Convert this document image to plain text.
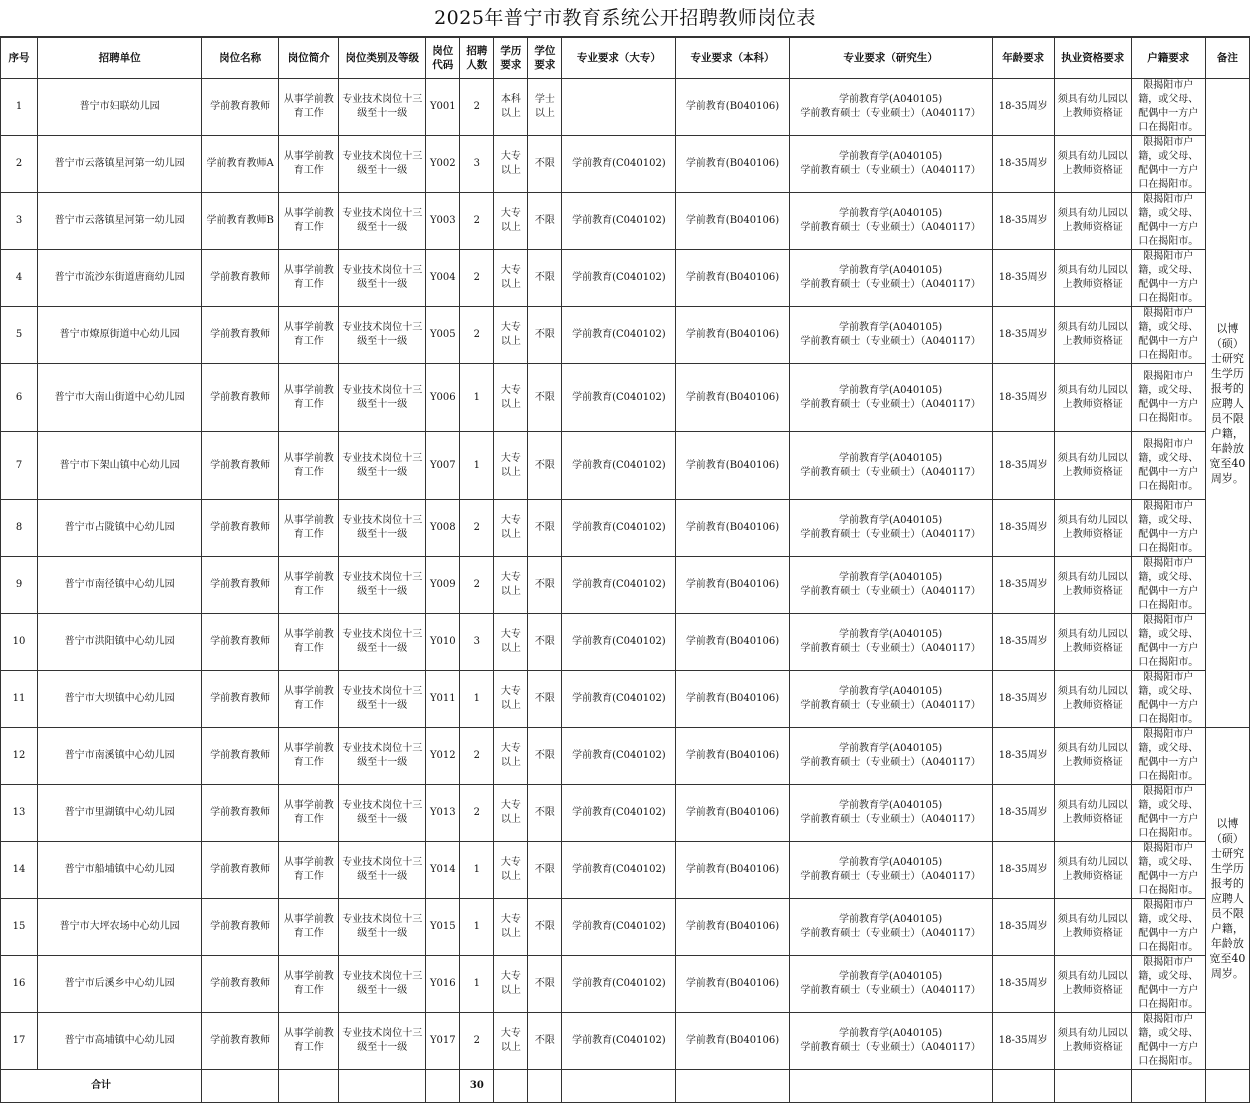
2025年普宁市教育系统公开招聘教师岗位表
序号	招聘单位	岗位名称	岗位简介	岗位类别及等级	岗位代码	招聘人数	学历要求	学位要求	专业要求（大专）	专业要求（本科）	专业要求（研究生）	年龄要求	执业资格要求	户籍要求	备注
1	普宁市妇联幼儿园	学前教育教师	从事学前教育工作	专业技术岗位十三级至十一级	Y001	2	本科以上	学士以上		学前教育(B040106)	学前教育学(A040105)
学前教育硕士（专业硕士）（A040117）	18-35周岁	须具有幼儿园以上教师资格证	限揭阳市户籍，或父母、配偶中一方户口在揭阳市。	以博（硕）士研究生学历报考的应聘人员不限户籍，年龄放宽至40周岁。
2	普宁市云落镇星河第一幼儿园	学前教育教师A	从事学前教育工作	专业技术岗位十三级至十一级	Y002	3	大专以上	不限	学前教育(C040102)	学前教育(B040106)	学前教育学(A040105)
学前教育硕士（专业硕士）（A040117）	18-35周岁	须具有幼儿园以上教师资格证	限揭阳市户籍，或父母、配偶中一方户口在揭阳市。	
3	普宁市云落镇星河第一幼儿园	学前教育教师B	从事学前教育工作	专业技术岗位十三级至十一级	Y003	2	大专以上	不限	学前教育(C040102)	学前教育(B040106)	学前教育学(A040105)
学前教育硕士（专业硕士）（A040117）	18-35周岁	须具有幼儿园以上教师资格证	限揭阳市户籍，或父母、配偶中一方户口在揭阳市。	
4	普宁市流沙东街道唐商幼儿园	学前教育教师	从事学前教育工作	专业技术岗位十三级至十一级	Y004	2	大专以上	不限	学前教育(C040102)	学前教育(B040106)	学前教育学(A040105)
学前教育硕士（专业硕士）（A040117）	18-35周岁	须具有幼儿园以上教师资格证	限揭阳市户籍，或父母、配偶中一方户口在揭阳市。	
5	普宁市燎原街道中心幼儿园	学前教育教师	从事学前教育工作	专业技术岗位十三级至十一级	Y005	2	大专以上	不限	学前教育(C040102)	学前教育(B040106)	学前教育学(A040105)
学前教育硕士（专业硕士）（A040117）	18-35周岁	须具有幼儿园以上教师资格证	限揭阳市户籍，或父母、配偶中一方户口在揭阳市。	
6	普宁市大南山街道中心幼儿园	学前教育教师	从事学前教育工作	专业技术岗位十三级至十一级	Y006	1	大专以上	不限	学前教育(C040102)	学前教育(B040106)	学前教育学(A040105)
学前教育硕士（专业硕士）（A040117）	18-35周岁	须具有幼儿园以上教师资格证	限揭阳市户籍，或父母、配偶中一方户口在揭阳市。	
7	普宁市下架山镇中心幼儿园	学前教育教师	从事学前教育工作	专业技术岗位十三级至十一级	Y007	1	大专以上	不限	学前教育(C040102)	学前教育(B040106)	学前教育学(A040105)
学前教育硕士（专业硕士）（A040117）	18-35周岁	须具有幼儿园以上教师资格证	限揭阳市户籍，或父母、配偶中一方户口在揭阳市。	
8	普宁市占陇镇中心幼儿园	学前教育教师	从事学前教育工作	专业技术岗位十三级至十一级	Y008	2	大专以上	不限	学前教育(C040102)	学前教育(B040106)	学前教育学(A040105)
学前教育硕士（专业硕士）（A040117）	18-35周岁	须具有幼儿园以上教师资格证	限揭阳市户籍，或父母、配偶中一方户口在揭阳市。	
9	普宁市南径镇中心幼儿园	学前教育教师	从事学前教育工作	专业技术岗位十三级至十一级	Y009	2	大专以上	不限	学前教育(C040102)	学前教育(B040106)	学前教育学(A040105)
学前教育硕士（专业硕士）（A040117）	18-35周岁	须具有幼儿园以上教师资格证	限揭阳市户籍，或父母、配偶中一方户口在揭阳市。	
10	普宁市洪阳镇中心幼儿园	学前教育教师	从事学前教育工作	专业技术岗位十三级至十一级	Y010	3	大专以上	不限	学前教育(C040102)	学前教育(B040106)	学前教育学(A040105)
学前教育硕士（专业硕士）（A040117）	18-35周岁	须具有幼儿园以上教师资格证	限揭阳市户籍，或父母、配偶中一方户口在揭阳市。	
11	普宁市大坝镇中心幼儿园	学前教育教师	从事学前教育工作	专业技术岗位十三级至十一级	Y011	1	大专以上	不限	学前教育(C040102)	学前教育(B040106)	学前教育学(A040105)
学前教育硕士（专业硕士）（A040117）	18-35周岁	须具有幼儿园以上教师资格证	限揭阳市户籍，或父母、配偶中一方户口在揭阳市。	
12	普宁市南溪镇中心幼儿园	学前教育教师	从事学前教育工作	专业技术岗位十三级至十一级	Y012	2	大专以上	不限	学前教育(C040102)	学前教育(B040106)	学前教育学(A040105)
学前教育硕士（专业硕士）（A040117）	18-35周岁	须具有幼儿园以上教师资格证	限揭阳市户籍，或父母、配偶中一方户口在揭阳市。	以博（硕）士研究生学历报考的应聘人员不限户籍，年龄放宽至40周岁。
13	普宁市里湖镇中心幼儿园	学前教育教师	从事学前教育工作	专业技术岗位十三级至十一级	Y013	2	大专以上	不限	学前教育(C040102)	学前教育(B040106)	学前教育学(A040105)
学前教育硕士（专业硕士）（A040117）	18-35周岁	须具有幼儿园以上教师资格证	限揭阳市户籍，或父母、配偶中一方户口在揭阳市。	
14	普宁市船埔镇中心幼儿园	学前教育教师	从事学前教育工作	专业技术岗位十三级至十一级	Y014	1	大专以上	不限	学前教育(C040102)	学前教育(B040106)	学前教育学(A040105)
学前教育硕士（专业硕士）（A040117）	18-35周岁	须具有幼儿园以上教师资格证	限揭阳市户籍，或父母、配偶中一方户口在揭阳市。	
15	普宁市大坪农场中心幼儿园	学前教育教师	从事学前教育工作	专业技术岗位十三级至十一级	Y015	1	大专以上	不限	学前教育(C040102)	学前教育(B040106)	学前教育学(A040105)
学前教育硕士（专业硕士）（A040117）	18-35周岁	须具有幼儿园以上教师资格证	限揭阳市户籍，或父母、配偶中一方户口在揭阳市。	
16	普宁市后溪乡中心幼儿园	学前教育教师	从事学前教育工作	专业技术岗位十三级至十一级	Y016	1	大专以上	不限	学前教育(C040102)	学前教育(B040106)	学前教育学(A040105)
学前教育硕士（专业硕士）（A040117）	18-35周岁	须具有幼儿园以上教师资格证	限揭阳市户籍，或父母、配偶中一方户口在揭阳市。	
17	普宁市高埔镇中心幼儿园	学前教育教师	从事学前教育工作	专业技术岗位十三级至十一级	Y017	2	大专以上	不限	学前教育(C040102)	学前教育(B040106)	学前教育学(A040105)
学前教育硕士（专业硕士）（A040117）	18-35周岁	须具有幼儿园以上教师资格证	限揭阳市户籍，或父母、配偶中一方户口在揭阳市。	
合计						30									
